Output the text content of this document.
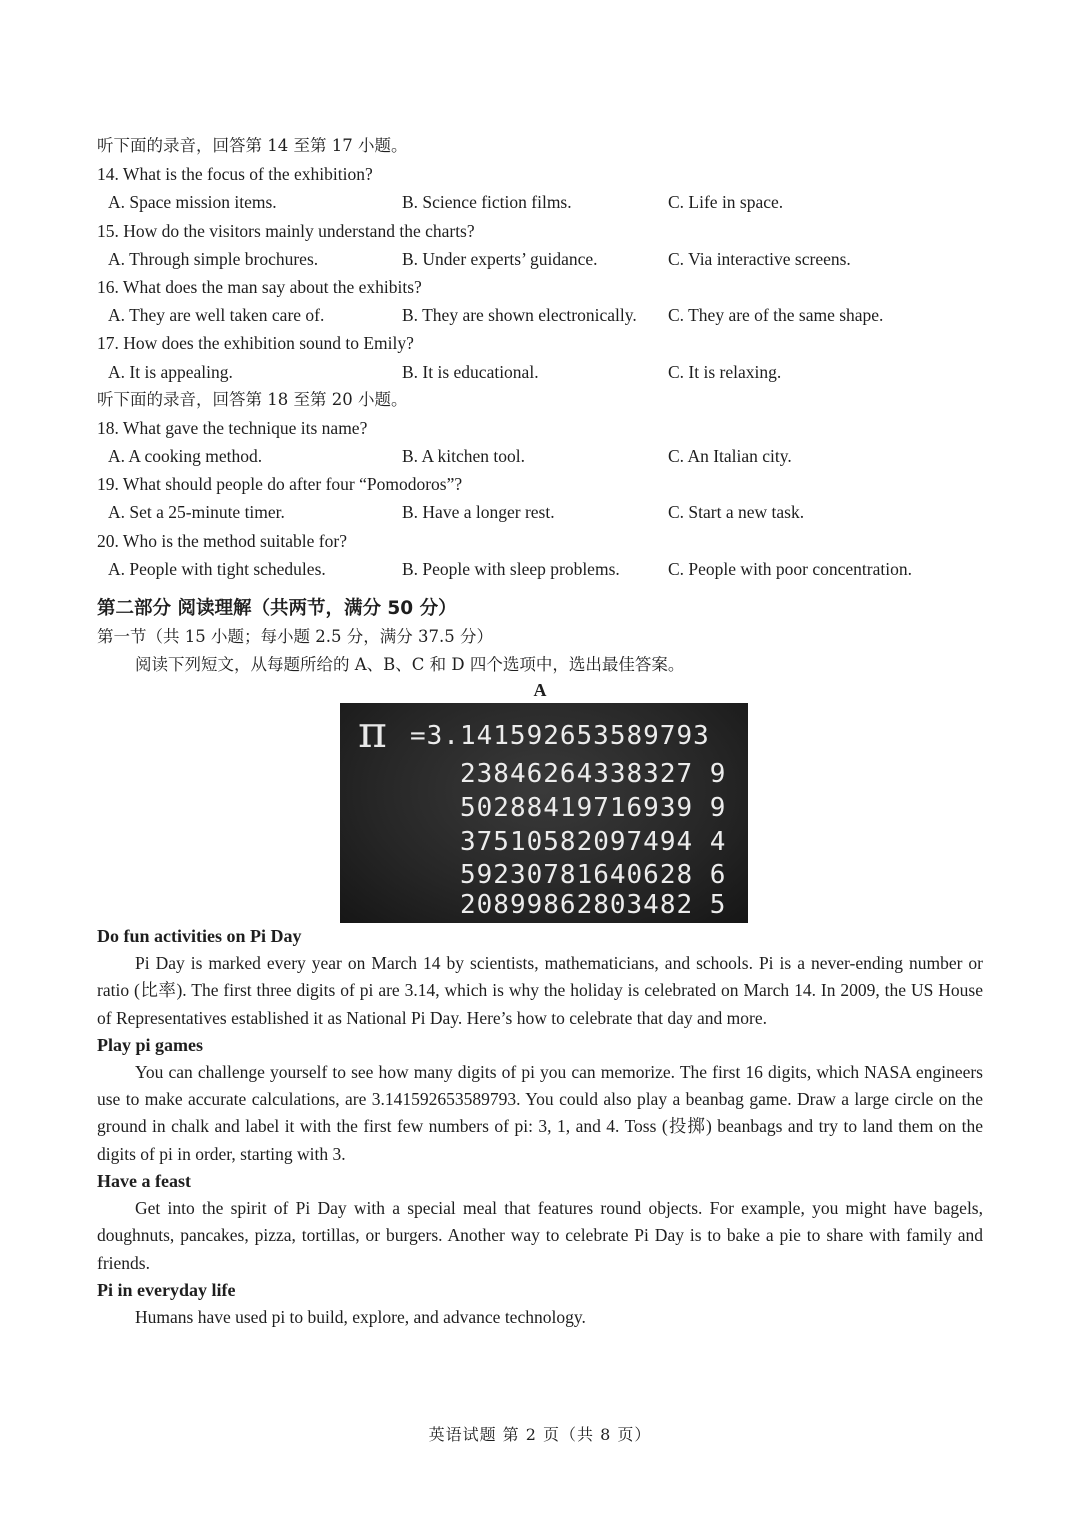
听下面的录音，回答第 14 至第 17 小题。
14. What is the focus of the exhibition?
A. Space mission items.	B. Science fiction films.	C. Life in space.
15. How do the visitors mainly understand the charts?
A. Through simple brochures.	B. Under experts’ guidance.	C. Via interactive screens.
16. What does the man say about the exhibits?
A. They are well taken care of.	B. They are shown electronically. C. They are of the same shape.
17. How does the exhibition sound to Emily?
A. It is appealing.	B. It is educational.	C. It is relaxing.
听下面的录音，回答第 18 至第 20 小题。
18. What gave the technique its name?
A. A cooking method.	B. A kitchen tool.	C. An Italian city.
19. What should people do after four “Pomodoros”?
A. Set a 25-minute timer.	B. Have a longer rest.	C. Start a new task.
20. Who is the method suitable for?
A. People with tight schedules.	B. People with sleep problems.	C. People with poor concentration.
第二部分 阅读理解（共两节，满分 50 分）
第一节（共 15 小题；每小题 2.5 分，满分 37.5 分）
阅读下列短文，从每题所给的 A、B、C 和 D 四个选项中，选出最佳答案。
A
π =3.141592653589793
23846264338327 9
50288419716939 9
37510582097494 4
59230781640628 6
20899862803482 5
Do fun activities on Pi Day

Pi Day is marked every year on March 14 by scientists, mathematicians, and schools. Pi is a never-ending number or ratio (比率). The first three digits of pi are 3.14, which is why the holiday is celebrated on March 14. In 2009, the US House of Representatives established it as National Pi Day. Here’s how to celebrate that day and more.

Play pi games

You can challenge yourself to see how many digits of pi you can memorize. The first 16 digits, which NASA engineers use to make accurate calculations, are 3.141592653589793. You could also play a beanbag game. Draw a large circle on the ground in chalk and label it with the first few numbers of pi: 3, 1, and 4. Toss (投掷) beanbags and try to land them on the digits of pi in order, starting with 3.

Have a feast

Get into the spirit of Pi Day with a special meal that features round objects. For example, you might have bagels, doughnuts, pancakes, pizza, tortillas, or burgers. Another way to celebrate Pi Day is to bake a pie to share with family and friends.

Pi in everyday life

Humans have used pi to build, explore, and advance technology.

英语试题 第 2 页（共 8 页）
